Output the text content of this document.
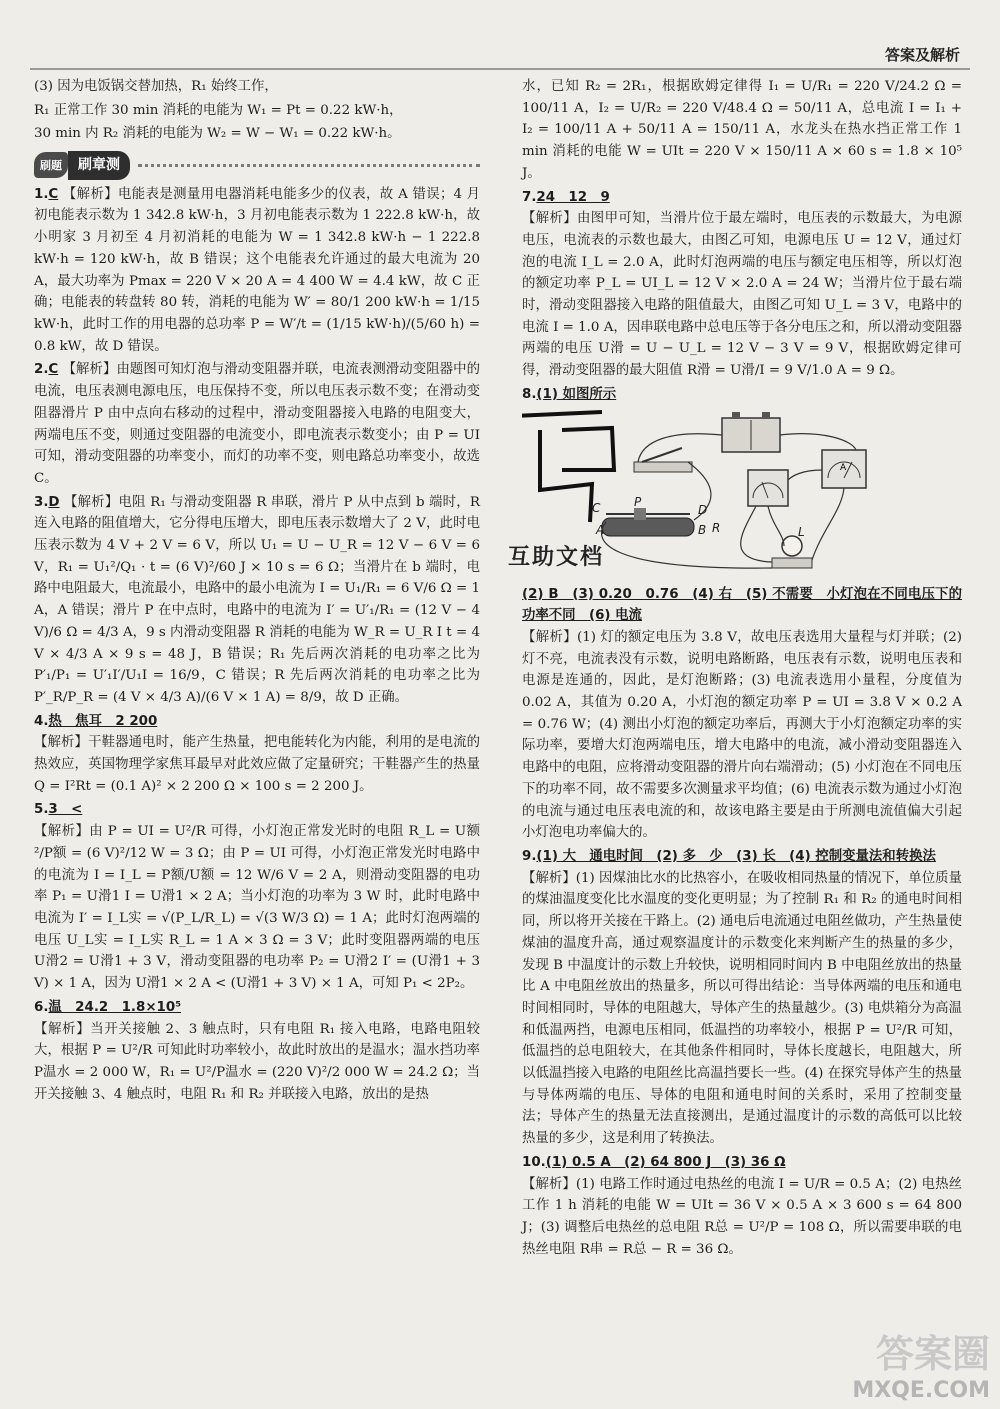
答案及解析

(3) 因为电饭锅交替加热，R₁ 始终工作，

R₁ 正常工作 30 min 消耗的电能为 W₁ = Pt = 0.22 kW·h，

30 min 内 R₂ 消耗的电能为 W₂ = W − W₁ = 0.22 kW·h。

刷题	刷章测

1.C 【解析】电能表是测量用电器消耗电能多少的仪表，故 A 错误；4 月初电能表示数为 1 342.8 kW·h，3 月初电能表示数为 1 222.8 kW·h，故小明家 3 月初至 4 月初消耗的电能为 W = 1 342.8 kW·h − 1 222.8 kW·h = 120 kW·h，故 B 错误；这个电能表允许通过的最大电流为 20 A，最大功率为 Pmax = 220 V × 20 A = 4 400 W = 4.4 kW，故 C 正确；电能表的转盘转 80 转，消耗的电能为 W′ = 80/1 200 kW·h = 1/15 kW·h，此时工作的用电器的总功率 P = W′/t = (1/15 kW·h)/(5/60 h) = 0.8 kW，故 D 错误。

2.C 【解析】由题图可知灯泡与滑动变阻器并联，电流表测滑动变阻器中的电流，电压表测电源电压，电压保持不变，所以电压表示数不变；在滑动变阻器滑片 P 由中点向右移动的过程中，滑动变阻器接入电路的电阻变大，两端电压不变，则通过变阻器的电流变小，即电流表示数变小；由 P = UI 可知，滑动变阻器的功率变小，而灯的功率不变，则电路总功率变小，故选 C。

3.D 【解析】电阻 R₁ 与滑动变阻器 R 串联，滑片 P 从中点到 b 端时，R 连入电路的阻值增大，它分得电压增大，即电压表示数增大了 2 V，此时电压表示数为 4 V + 2 V = 6 V，所以 U₁ = U − U_R = 12 V − 6 V = 6 V，R₁ = U₁²/Q₁ · t = (6 V)²/60 J × 10 s = 6 Ω；当滑片在 b 端时，电路中电阻最大，电流最小，电路中的最小电流为 I = U₁/R₁ = 6 V/6 Ω = 1 A，A 错误；滑片 P 在中点时，电路中的电流为 I′ = U′₁/R₁ = (12 V − 4 V)/6 Ω = 4/3 A，9 s 内滑动变阻器 R 消耗的电能为 W_R = U_R I t = 4 V × 4/3 A × 9 s = 48 J，B 错误；R₁ 先后两次消耗的电功率之比为 P′₁/P₁ = U′₁I′/U₁I = 16/9，C 错误；R 先后两次消耗的电功率之比为 P′_R/P_R = (4 V × 4/3 A)/(6 V × 1 A) = 8/9，故 D 正确。

4.热　焦耳　2 200
【解析】干鞋器通电时，能产生热量，把电能转化为内能，利用的是电流的热效应，英国物理学家焦耳最早对此效应做了定量研究；干鞋器产生的热量 Q = I²Rt = (0.1 A)² × 2 200 Ω × 100 s = 2 200 J。

5.3　<
【解析】由 P = UI = U²/R 可得，小灯泡正常发光时的电阻 R_L = U额²/P额 = (6 V)²/12 W = 3 Ω；由 P = UI 可得，小灯泡正常发光时电路中的电流为 I = I_L = P额/U额 = 12 W/6 V = 2 A，则滑动变阻器的电功率 P₁ = U滑1 I = U滑1 × 2 A；当小灯泡的功率为 3 W 时，此时电路中电流为 I′ = I_L实 = √(P_L/R_L) = √(3 W/3 Ω) = 1 A；此时灯泡两端的电压 U_L实 = I_L实 R_L = 1 A × 3 Ω = 3 V；此时变阻器两端的电压 U滑2 = U滑1 + 3 V，滑动变阻器的电功率 P₂ = U滑2 I′ = (U滑1 + 3 V) × 1 A，因为 U滑1 × 2 A < (U滑1 + 3 V) × 1 A，可知 P₁ < 2P₂。

6.温　24.2　1.8×10⁵
【解析】当开关接触 2、3 触点时，只有电阻 R₁ 接入电路，电路电阻较大，根据 P = U²/R 可知此时功率较小，故此时放出的是温水；温水挡功率 P温水 = 2 000 W，R₁ = U²/P温水 = (220 V)²/2 000 W = 24.2 Ω；当开关接触 3、4 触点时，电阻 R₁ 和 R₂ 并联接入电路，放出的是热

水，已知 R₂ = 2R₁，根据欧姆定律得 I₁ = U/R₁ = 220 V/24.2 Ω = 100/11 A，I₂ = U/R₂ = 220 V/48.4 Ω = 50/11 A，总电流 I = I₁ + I₂ = 100/11 A + 50/11 A = 150/11 A，水龙头在热水挡正常工作 1 min 消耗的电能 W = UIt = 220 V × 150/11 A × 60 s = 1.8 × 10⁵ J。

7.24　12　9
【解析】由图甲可知，当滑片位于最左端时，电压表的示数最大，为电源电压，电流表的示数也最大，由图乙可知，电源电压 U = 12 V，通过灯泡的电流 I_L = 2.0 A，此时灯泡两端的电压与额定电压相等，所以灯泡的额定功率 P_L = UI_L = 12 V × 2.0 A = 24 W；当滑片位于最右端时，滑动变阻器接入电路的阻值最大，由图乙可知 U_L = 3 V，电路中的电流 I = 1.0 A，因串联电路中总电压等于各分电压之和，所以滑动变阻器两端的电压 U滑 = U − U_L = 12 V − 3 V = 9 V，根据欧姆定律可得，滑动变阻器的最大阻值 R滑 = U滑/I = 9 V/1.0 A = 9 Ω。

8.(1) 如图所示

A
C	P
D
A	B R	L
互助文档

(2) B　(3) 0.20　0.76　(4) 右　(5) 不需要　小灯泡在不同电压下的功率不同　(6) 电流
【解析】(1) 灯的额定电压为 3.8 V，故电压表选用大量程与灯并联；(2) 灯不亮，电流表没有示数，说明电路断路，电压表有示数，说明电压表和电源是连通的，因此，是灯泡断路；(3) 电流表选用小量程，分度值为 0.02 A，其值为 0.20 A，小灯泡的额定功率 P = UI = 3.8 V × 0.2 A = 0.76 W；(4) 测出小灯泡的额定功率后，再测大于小灯泡额定功率的实际功率，要增大灯泡两端电压，增大电路中的电流，减小滑动变阻器连入电路中的电阻，应将滑动变阻器的滑片向右端滑动；(5) 小灯泡在不同电压下的功率不同，故不需要多次测量求平均值；(6) 电流表示数为通过小灯泡的电流与通过电压表电流的和，故该电路主要是由于所测电流值偏大引起小灯泡电功率偏大的。

9.(1) 大　通电时间　(2) 多　少　(3) 长　(4) 控制变量法和转换法
【解析】(1) 因煤油比水的比热容小，在吸收相同热量的情况下，单位质量的煤油温度变化比水温度的变化更明显；为了控制 R₁ 和 R₂ 的通电时间相同，所以将开关接在干路上。(2) 通电后电流通过电阻丝做功，产生热量使煤油的温度升高，通过观察温度计的示数变化来判断产生的热量的多少，发现 B 中温度计的示数上升较快，说明相同时间内 B 中电阻丝放出的热量比 A 中电阻丝放出的热量多，所以可得出结论：当导体两端的电压和通电时间相同时，导体的电阻越大，导体产生的热量越少。(3) 电烘箱分为高温和低温两挡，电源电压相同，低温挡的功率较小，根据 P = U²/R 可知，低温挡的总电阻较大，在其他条件相同时，导体长度越长，电阻越大，所以低温挡接入电路的电阻丝比高温挡要长一些。(4) 在探究导体产生的热量与导体两端的电压、导体的电阻和通电时间的关系时，采用了控制变量法；导体产生的热量无法直接测出，是通过温度计的示数的高低可以比较热量的多少，这是利用了转换法。

10.(1) 0.5 A　(2) 64 800 J　(3) 36 Ω
【解析】(1) 电路工作时通过电热丝的电流 I = U/R = 0.5 A；(2) 电热丝工作 1 h 消耗的电能 W = UIt = 36 V × 0.5 A × 3 600 s = 64 800 J；(3) 调整后电热丝的总电阻 R总 = U²/P = 108 Ω，所以需要串联的电热丝电阻 R串 = R总 − R = 36 Ω。

答案圈
MXQE.COM
